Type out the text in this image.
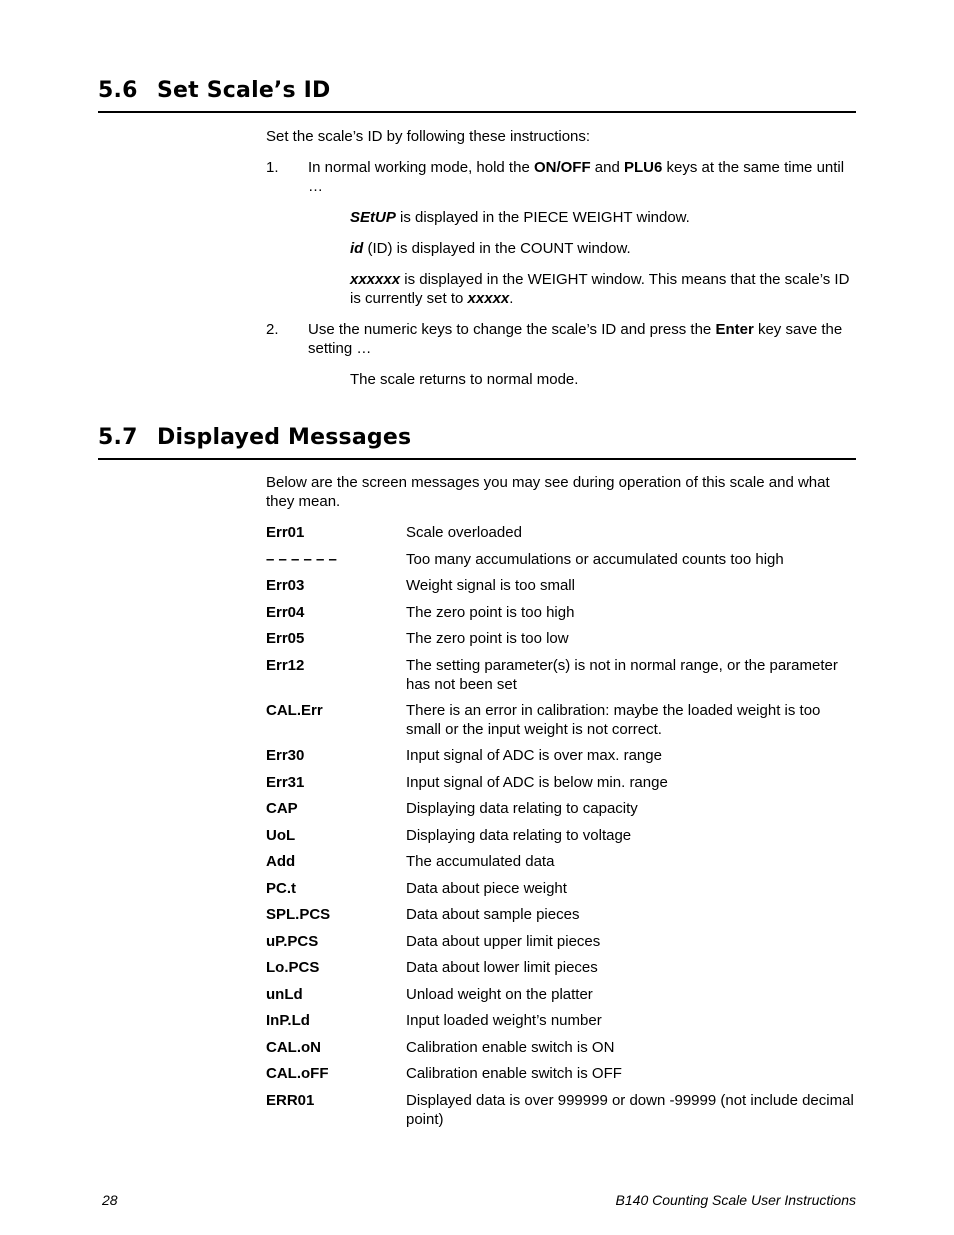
5.6 Set Scale’s ID

Set the scale’s ID by following these instructions:

1. In normal working mode, hold the ON/OFF and PLU6 keys at the same time until …

SEtUP is displayed in the PIECE WEIGHT window.

id (ID) is displayed in the COUNT window.

xxxxxx is displayed in the WEIGHT window. This means that the scale’s ID is currently set to xxxxx.

2. Use the numeric keys to change the scale’s ID and press the Enter key save the setting …

The scale returns to normal mode.

5.7 Displayed Messages

Below are the screen messages you may see during operation of this scale and what they mean.

Err01	Scale overloaded

– – – – – –	Too many accumulations or accumulated counts too high

Err03	Weight signal is too small

Err04	The zero point is too high

Err05	The zero point is too low

Err12	The setting parameter(s) is not in normal range, or the parameter has not been set

CAL.Err	There is an error in calibration: maybe the loaded weight is too small or the input weight is not correct.

Err30	Input signal of ADC is over max. range

Err31	Input signal of ADC is below min. range

CAP	Displaying data relating to capacity

UoL	Displaying data relating to voltage

Add	The accumulated data

PC.t	Data about piece weight

SPL.PCS	Data about sample pieces

uP.PCS	Data about upper limit pieces

Lo.PCS	Data about lower limit pieces

unLd	Unload weight on the platter

InP.Ld	Input loaded weight’s number

CAL.oN	Calibration enable switch is ON

CAL.oFF	Calibration enable switch is OFF

ERR01	Displayed data is over 999999 or down -99999 (not include decimal point)

28	B140 Counting Scale User Instructions
